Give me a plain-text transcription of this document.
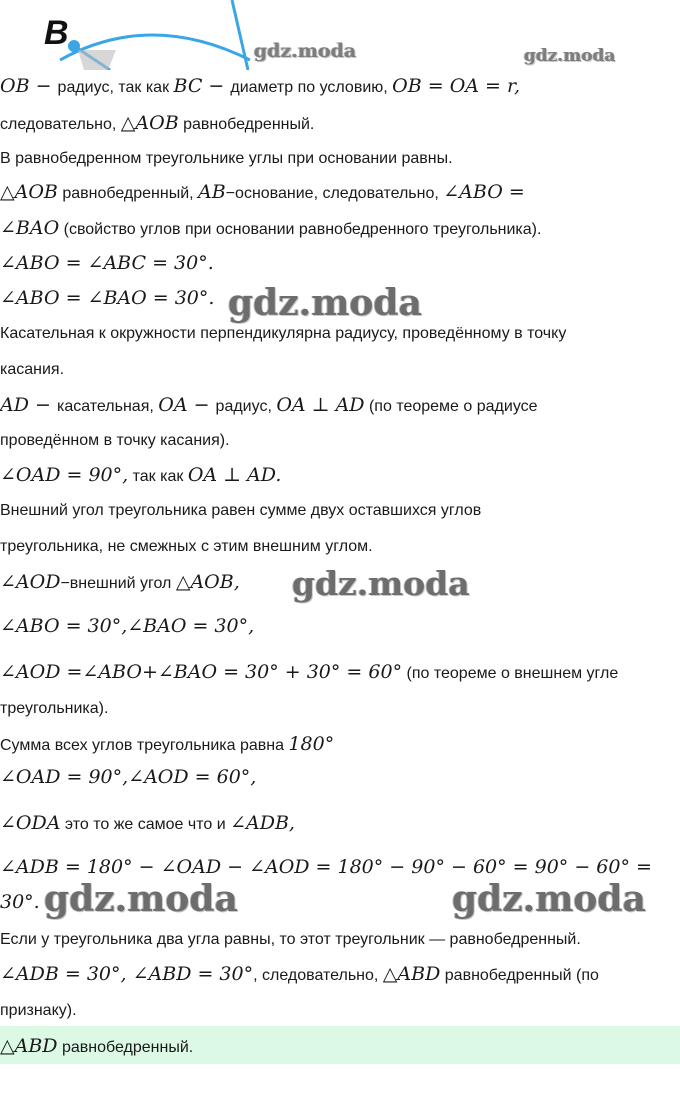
B	gdz.moda	gdz.moda
OB − радиус, так как BC − диаметр по условию, OB = OA = r,
следовательно, △AOB равнобедренный.
В равнобедренном треугольнике углы при основании равны.
△AOB равнобедренный, AB−основание, следовательно, ∠ABO =
∠BAO (свойство углов при основании равнобедренного треугольника).
∠ABO = ∠ABC = 30°.
∠ABO = ∠BAO = 30°. gdz.moda
Касательная к окружности перпендикулярна радиусу, проведённому в точку
касания.
AD − касательная, OA − радиус, OA ⊥ AD (по теореме о радиусе
проведённом в точку касания).
∠OAD = 90°, так как OA ⊥ AD.
Внешний угол треугольника равен сумме двух оставшихся углов
треугольника, не смежных с этим внешним углом.
∠AOD−внешний угол △AOB,	gdz.moda
∠ABO = 30°,∠BAO = 30°,
∠AOD =∠ABO+∠BAO = 30° + 30° = 60° (по теореме о внешнем угле
треугольника).
Сумма всех углов треугольника равна 180°
∠OAD = 90°,∠AOD = 60°,
∠ODA это то же самое что и ∠ADB,
∠ADB = 180° − ∠OAD − ∠AOD = 180° − 90° − 60° = 90° − 60° =
30°. gdz.moda	gdz.moda
Если у треугольника два угла равны, то этот треугольник — равнобедренный.
∠ADB = 30°, ∠ABD = 30°, следовательно, △ABD равнобедренный (по
признаку).
△ABD равнобедренный.
